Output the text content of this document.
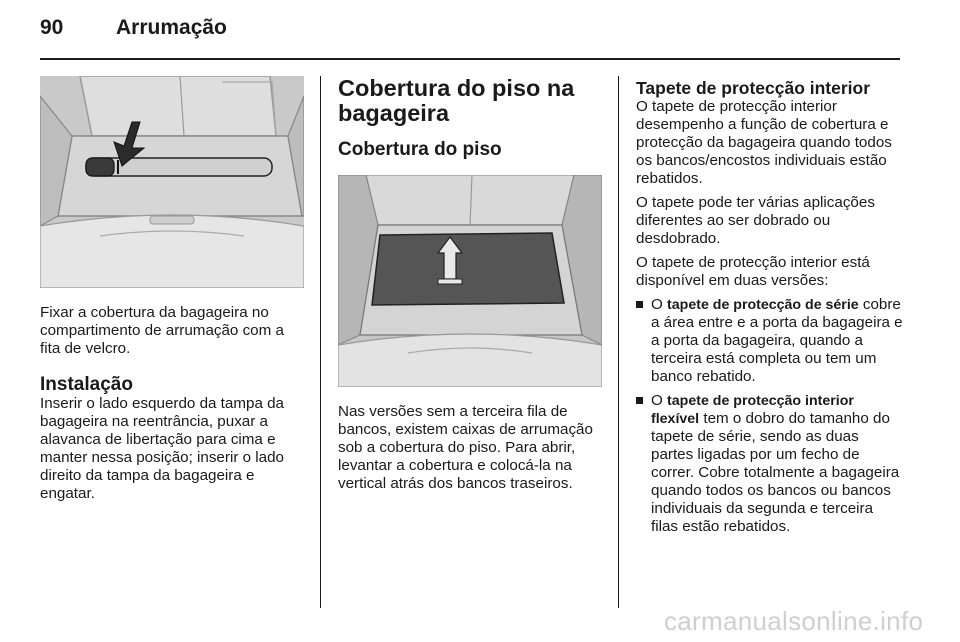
90	Arrumação

Fixar a cobertura da bagageira no compartimento de arrumação com a fita de velcro.

Instalação

Inserir o lado esquerdo da tampa da bagageira na reentrância, puxar a alavanca de libertação para cima e manter nessa posição; inserir o lado direito da tampa da bagageira e engatar.

Cobertura do piso na bagageira

Cobertura do piso

Nas versões sem a terceira fila de bancos, existem caixas de arrumação sob a cobertura do piso. Para abrir, levantar a cobertura e colocá-la na vertical atrás dos bancos traseiros.

Tapete de protecção interior

O tapete de protecção interior desempenho a função de cobertura e protecção da bagageira quando todos os bancos/encostos individuais estão rebatidos.

O tapete pode ter várias aplicações diferentes ao ser dobrado ou desdobrado.

O tapete de protecção interior está disponível em duas versões:

O tapete de protecção de série cobre a área entre e a porta da bagageira e a porta da bagageira, quando a terceira está completa ou tem um banco rebatido.
O tapete de protecção interior flexível tem o dobro do tamanho do tapete de série, sendo as duas partes ligadas por um fecho de correr. Cobre totalmente a bagageira quando todos os bancos ou bancos individuais da segunda e terceira filas estão rebatidos.
carmanualsonline.info
